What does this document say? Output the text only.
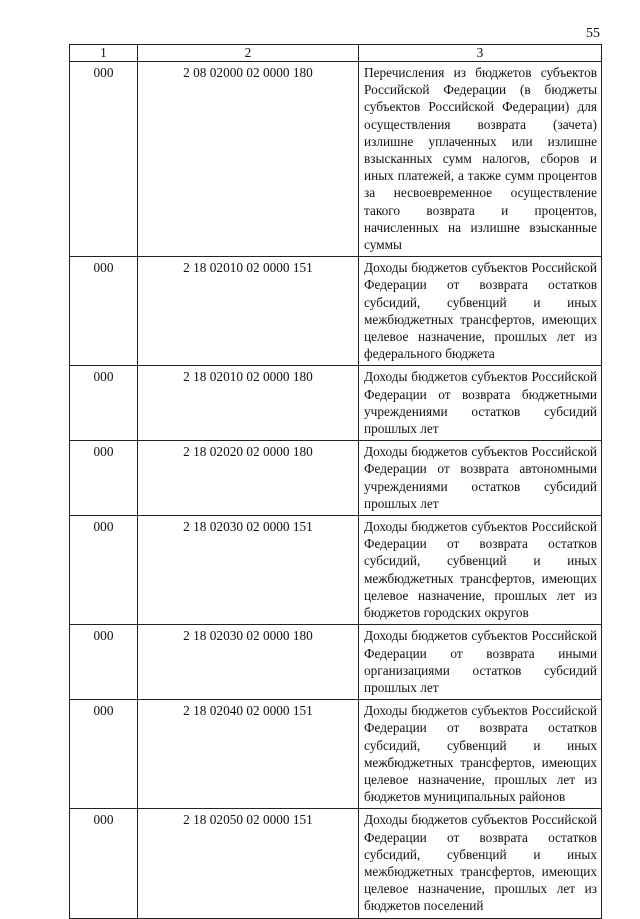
55
1	2	3
000	2 08 02000 02 0000 180	Перечисления из бюджетов субъектов Российской Федерации (в бюджеты субъектов Российской Федерации) для осуществления возврата (зачета) излишне уплаченных или излишне взысканных сумм налогов, сборов и иных платежей, а также сумм процентов за несвоевременное осуществление такого возврата и процентов, начисленных на излишне взысканные суммы
000	2 18 02010 02 0000 151	Доходы бюджетов субъектов Российской Федерации от возврата остатков субсидий, субвенций и иных межбюджетных трансфертов, имеющих целевое назначение, прошлых лет из федерального бюджета
000	2 18 02010 02 0000 180	Доходы бюджетов субъектов Российской Федерации от возврата бюджетными учреждениями остатков субсидий прошлых лет
000	2 18 02020 02 0000 180	Доходы бюджетов субъектов Российской Федерации от возврата автономными учреждениями остатков субсидий прошлых лет
000	2 18 02030 02 0000 151	Доходы бюджетов субъектов Российской Федерации от возврата остатков субсидий, субвенций и иных межбюджетных трансфертов, имеющих целевое назначение, прошлых лет из бюджетов городских округов
000	2 18 02030 02 0000 180	Доходы бюджетов субъектов Российской Федерации от возврата иными организациями остатков субсидий прошлых лет
000	2 18 02040 02 0000 151	Доходы бюджетов субъектов Российской Федерации от возврата остатков субсидий, субвенций и иных межбюджетных трансфертов, имеющих целевое назначение, прошлых лет из бюджетов муниципальных районов
000	2 18 02050 02 0000 151	Доходы бюджетов субъектов Российской Федерации от возврата остатков субсидий, субвенций и иных межбюджетных трансфертов, имеющих целевое назначение, прошлых лет из бюджетов поселений
